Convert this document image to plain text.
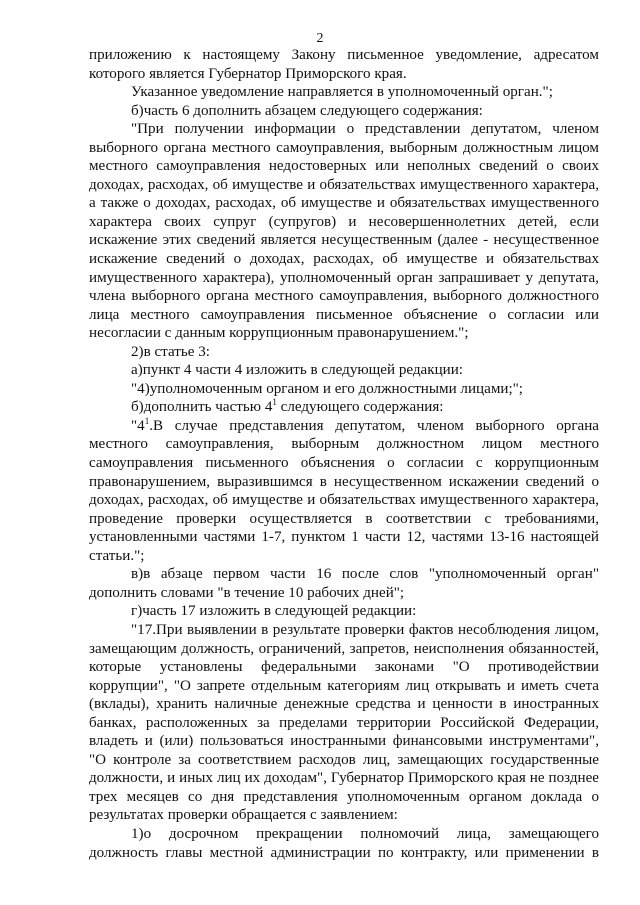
2

приложению к настоящему Закону письменное уведомление, адресатом которого является Губернатор Приморского края.

Указанное уведомление направляется в уполномоченный орган.";

б)часть 6 дополнить абзацем следующего содержания:

"При получении информации о представлении депутатом, членом выборного органа местного самоуправления, выборным должностным лицом местного самоуправления недостоверных или неполных сведений о своих доходах, расходах, об имуществе и обязательствах имущественного характера, а также о доходах, расходах, об имуществе и обязательствах имущественного характера своих супруг (супругов) и несовершеннолетних детей, если искажение этих сведений является несущественным (далее - несущественное искажение сведений о доходах, расходах, об имуществе и обязательствах имущественного характера), уполномоченный орган запрашивает у депутата, члена выборного органа местного самоуправления, выборного должностного лица местного самоуправления письменное объяснение о согласии или несогласии с данным коррупционным правонарушением.";

2)в статье 3:

а)пункт 4 части 4 изложить в следующей редакции:

"4)уполномоченным органом и его должностными лицами;";

б)дополнить частью $4^1$ следующего содержания:

"$4^1.В$ случае представления депутатом, членом выборного органа местного самоуправления, выборным должностном лицом местного самоуправления письменного объяснения о согласии с коррупционным правонарушением, выразившимся в несущественном искажении сведений о доходах, расходах, об имуществе и обязательствах имущественного характера, проведение проверки осуществляется в соответствии с требованиями, установленными частями 1-7, пунктом 1 части 12, частями 13-16 настоящей статьи.";

в)в абзаце первом части 16 после слов "уполномоченный орган" дополнить словами "в течение 10 рабочих дней";

г)часть 17 изложить в следующей редакции:

"17.При выявлении в результате проверки фактов несоблюдения лицом, замещающим должность, ограничений, запретов, неисполнения обязанностей, которые установлены федеральными законами "О противодействии коррупции", "О запрете отдельным категориям лиц открывать и иметь счета (вклады), хранить наличные денежные средства и ценности в иностранных банках, расположенных за пределами территории Российской Федерации, владеть и (или) пользоваться иностранными финансовыми инструментами", "О контроле за соответствием расходов лиц, замещающих государственные должности, и иных лиц их доходам", Губернатор Приморского края не позднее трех месяцев со дня представления уполномоченным органом доклада о результатах проверки обращается с заявлением:

1)о досрочном прекращении полномочий лица, замещающего должность главы местной администрации по контракту, или применении в
